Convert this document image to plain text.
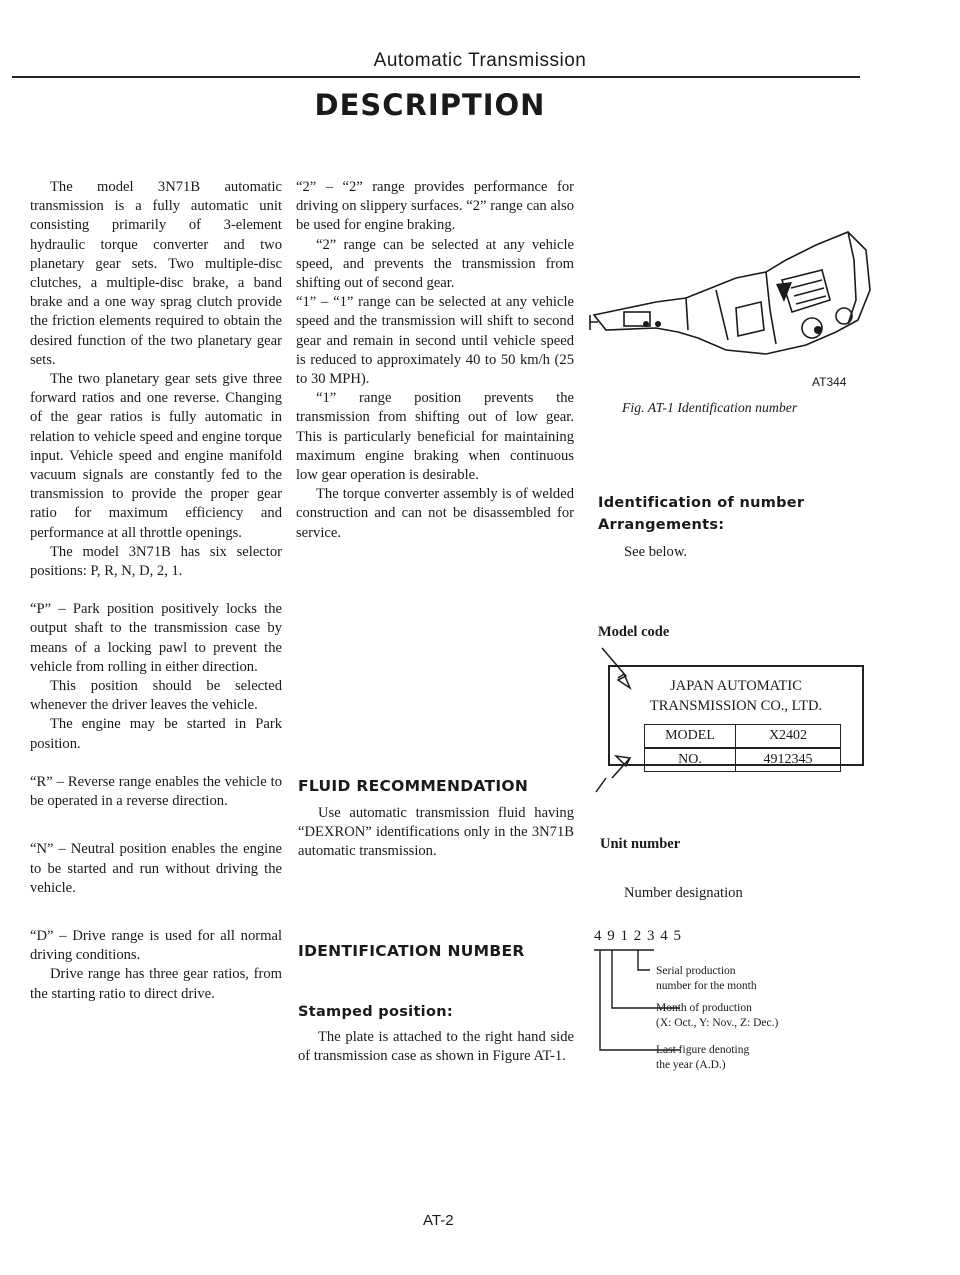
Automatic Transmission
DESCRIPTION

The model 3N71B automatic transmission is a fully automatic unit consisting primarily of 3-element hydraulic torque converter and two planetary gear sets. Two multiple-disc clutches, a multiple-disc brake, a band brake and a one way sprag clutch provide the friction elements required to obtain the desired function of the two planetary gear sets.

The two planetary gear sets give three forward ratios and one reverse. Changing of the gear ratios is fully automatic in relation to vehicle speed and engine torque input. Vehicle speed and engine manifold vacuum signals are constantly fed to the transmission to provide the proper gear ratio for maximum efficiency and performance at all throttle openings.

The model 3N71B has six selector positions: P, R, N, D, 2, 1.

“P” – Park position positively locks the output shaft to the transmission case by means of a locking pawl to prevent the vehicle from rolling in either direction.

This position should be selected whenever the driver leaves the vehicle.

The engine may be started in Park position.

“R” – Reverse range enables the vehicle to be operated in a reverse direction.

“N” – Neutral position enables the engine to be started and run without driving the vehicle.

“D” – Drive range is used for all normal driving conditions.

Drive range has three gear ratios, from the starting ratio to direct drive.

“2” – “2” range provides performance for driving on slippery surfaces. “2” range can also be used for engine braking.

“2” range can be selected at any vehicle speed, and prevents the transmission from shifting out of second gear.

“1” – “1” range can be selected at any vehicle speed and the transmission will shift to second gear and remain in second until vehicle speed is reduced to approximately 40 to 50 km/h (25 to 30 MPH).

“1” range position prevents the transmission from shifting out of low gear. This is particularly beneficial for maintaining maximum engine braking when continuous low gear operation is desirable.

The torque converter assembly is of welded construction and can not be disassembled for service.

FLUID RECOMMENDATION
Use automatic transmission fluid having “DEXRON” identifications only in the 3N71B automatic transmission.
IDENTIFICATION NUMBER
Stamped position:
The plate is attached to the right hand side of transmission case as shown in Figure AT-1.
AT344
Fig. AT-1 Identification number
Identification of number
Arrangements:
See below.
Model code
JAPAN AUTOMATIC
TRANSMISSION CO., LTD.
MODEL	X2402
NO.	4912345
Unit number
Number designation
4 9 1 2 3 4 5
Serial production
number for the month
Month of production
(X: Oct., Y: Nov., Z: Dec.)
Last figure denoting
the year (A.D.)
AT-2
